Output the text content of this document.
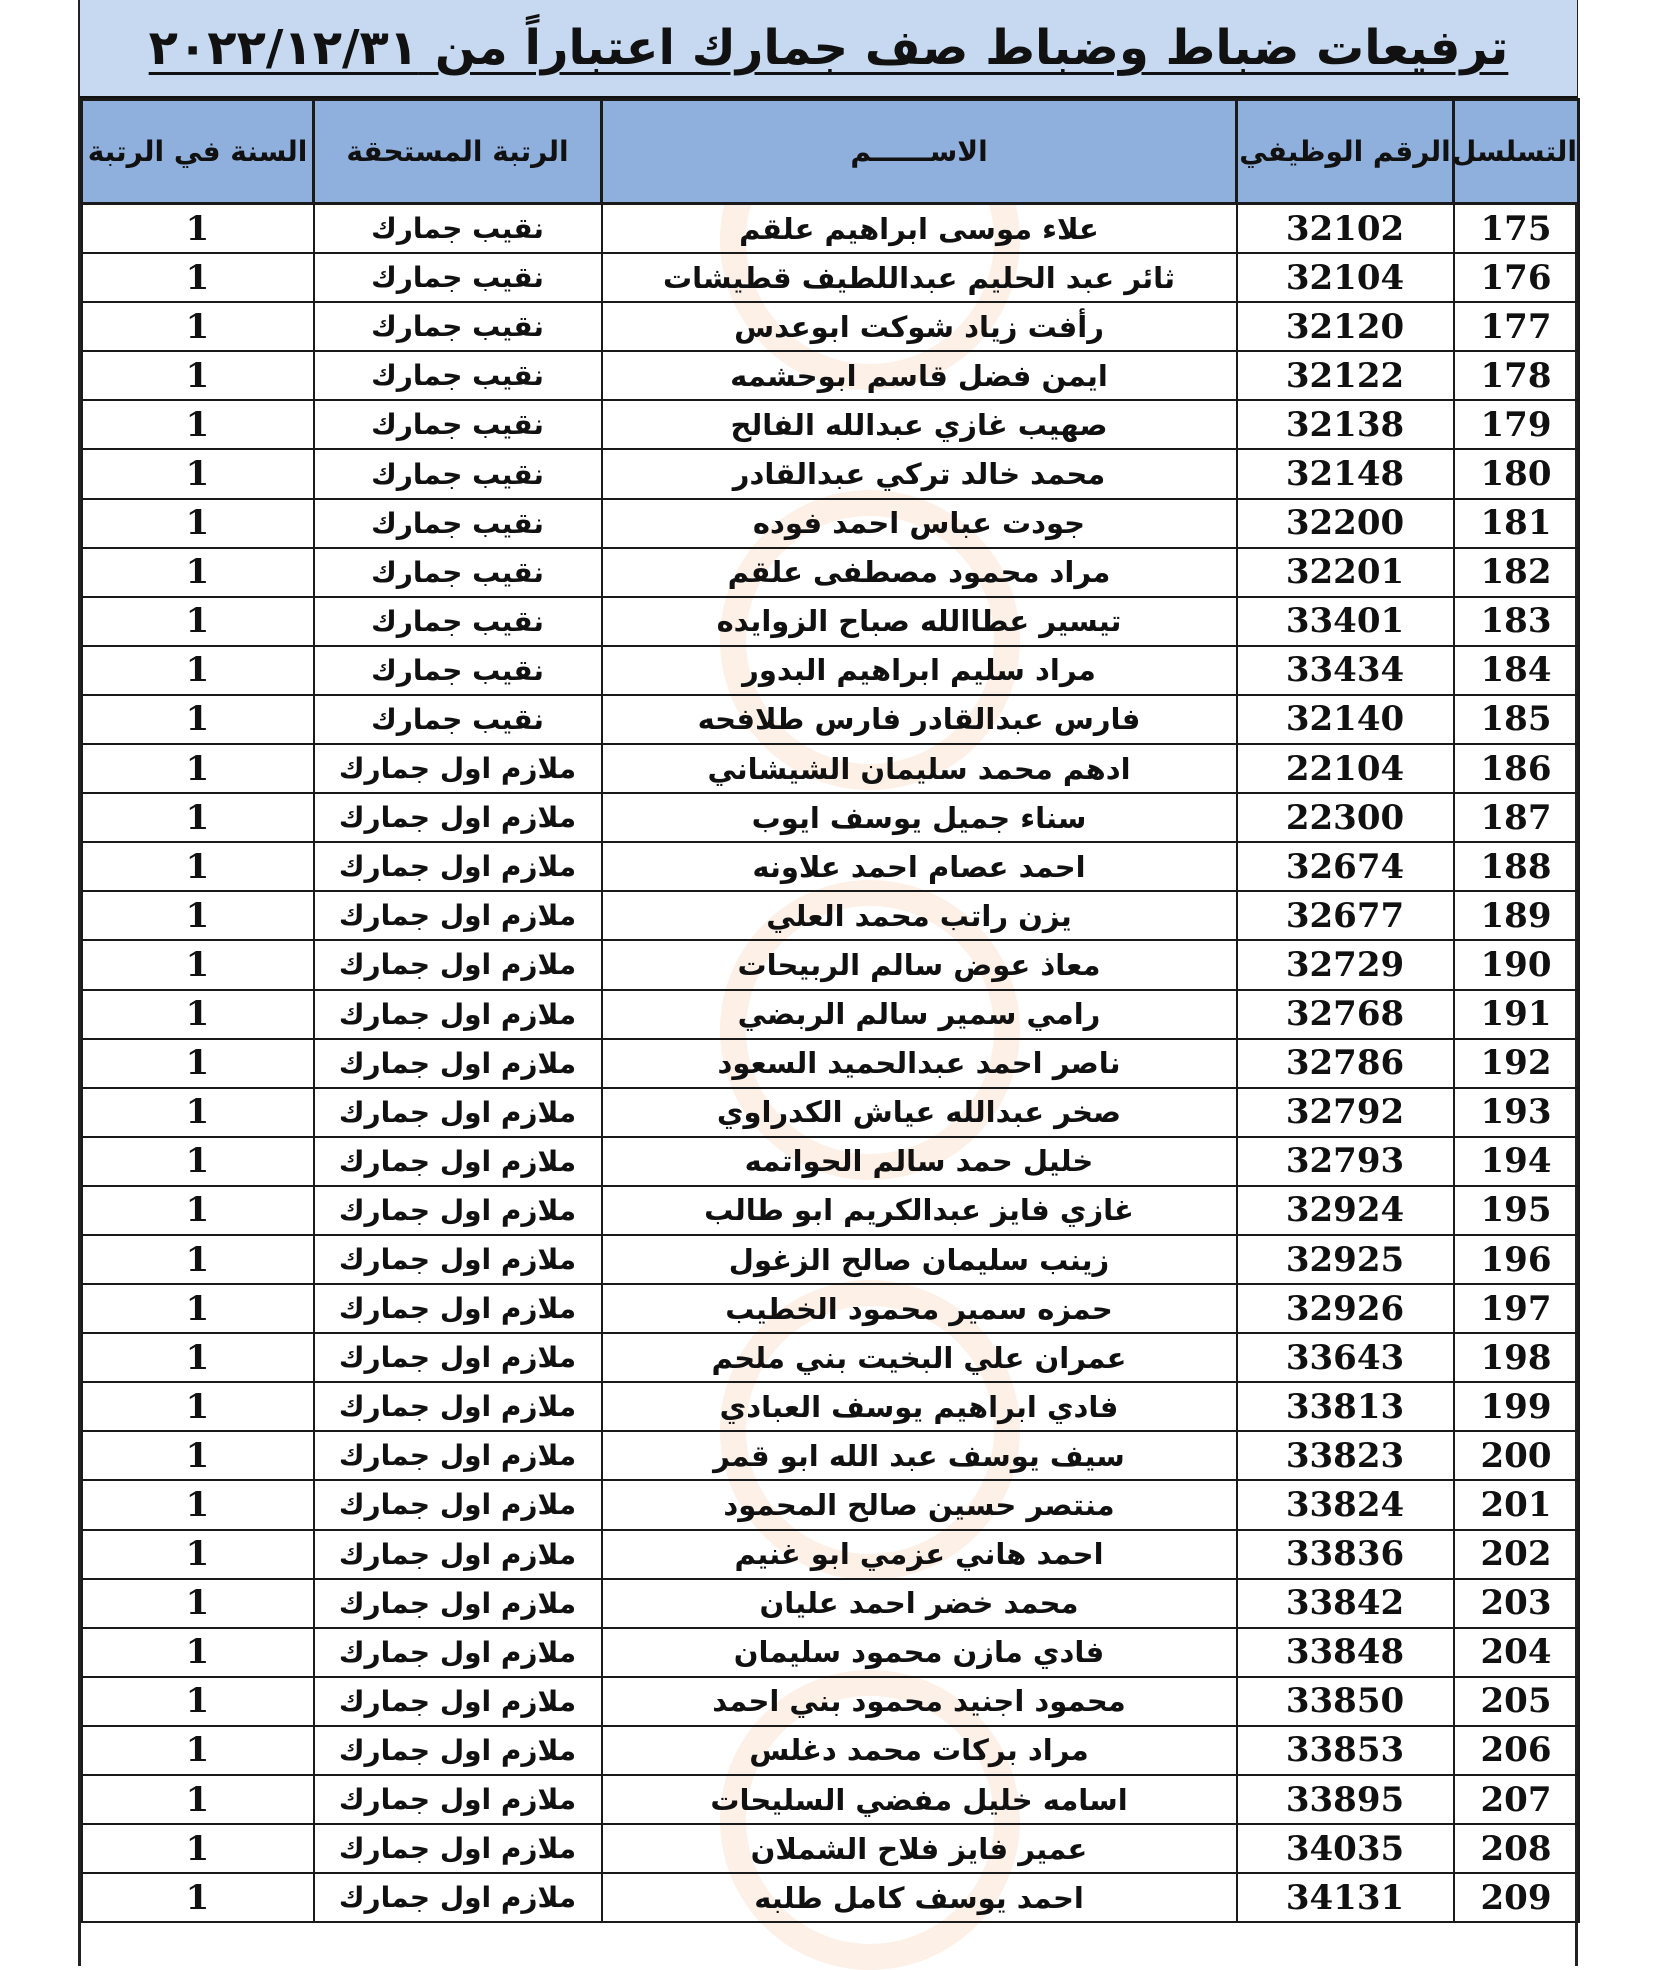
ترفيعات ضباط وضباط صف جمارك اعتباراً من ٢٠٢٢/١٢/٣١
التسلسل	الرقم الوظيفي	الاســــــم	الرتبة المستحقة	السنة في الرتبة
175	32102	علاء موسى ابراهيم علقم	نقيب جمارك	1
176	32104	ثائر عبد الحليم عبداللطيف قطيشات	نقيب جمارك	1
177	32120	رأفت زياد شوكت ابوعدس	نقيب جمارك	1
178	32122	ايمن فضل قاسم ابوحشمه	نقيب جمارك	1
179	32138	صهيب غازي عبدالله الفالح	نقيب جمارك	1
180	32148	محمد خالد تركي عبدالقادر	نقيب جمارك	1
181	32200	جودت عباس احمد فوده	نقيب جمارك	1
182	32201	مراد محمود مصطفى علقم	نقيب جمارك	1
183	33401	تيسير عطاالله صباح الزوايده	نقيب جمارك	1
184	33434	مراد سليم ابراهيم البدور	نقيب جمارك	1
185	32140	فارس عبدالقادر فارس طلافحه	نقيب جمارك	1
186	22104	ادهم محمد سليمان الشيشاني	ملازم اول جمارك	1
187	22300	سناء جميل يوسف ايوب	ملازم اول جمارك	1
188	32674	احمد عصام احمد علاونه	ملازم اول جمارك	1
189	32677	يزن راتب محمد العلي	ملازم اول جمارك	1
190	32729	معاذ عوض سالم الربيحات	ملازم اول جمارك	1
191	32768	رامي سمير سالم الربضي	ملازم اول جمارك	1
192	32786	ناصر احمد عبدالحميد السعود	ملازم اول جمارك	1
193	32792	صخر عبدالله عياش الكدراوي	ملازم اول جمارك	1
194	32793	خليل حمد سالم الحواتمه	ملازم اول جمارك	1
195	32924	غازي فايز عبدالكريم ابو طالب	ملازم اول جمارك	1
196	32925	زينب سليمان صالح الزغول	ملازم اول جمارك	1
197	32926	حمزه سمير محمود الخطيب	ملازم اول جمارك	1
198	33643	عمران علي البخيت بني ملحم	ملازم اول جمارك	1
199	33813	فادي ابراهيم يوسف العبادي	ملازم اول جمارك	1
200	33823	سيف يوسف عبد الله ابو قمر	ملازم اول جمارك	1
201	33824	منتصر حسين صالح المحمود	ملازم اول جمارك	1
202	33836	احمد هاني عزمي ابو غنيم	ملازم اول جمارك	1
203	33842	محمد خضر احمد عليان	ملازم اول جمارك	1
204	33848	فادي مازن محمود سليمان	ملازم اول جمارك	1
205	33850	محمود اجنيد محمود بني احمد	ملازم اول جمارك	1
206	33853	مراد بركات محمد دغلس	ملازم اول جمارك	1
207	33895	اسامه خليل مفضي السليحات	ملازم اول جمارك	1
208	34035	عمير فايز فلاح الشملان	ملازم اول جمارك	1
209	34131	احمد يوسف كامل طلبه	ملازم اول جمارك	1
